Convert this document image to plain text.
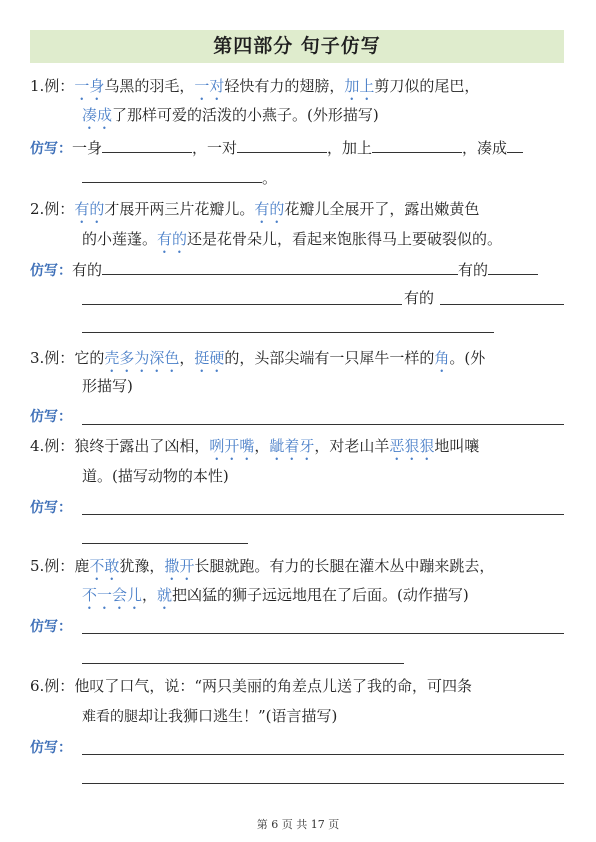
第四部分 句子仿写
1.例：一身乌黑的羽毛，一对轻快有力的翅膀，加上剪刀似的尾巴，
凑成了那样可爱的活泼的小燕子。(外形描写)
仿写：一身	，一对	，加上	，凑成
。
2.例：有的才展开两三片花瓣儿。有的花瓣儿全展开了，露出嫩黄色
的小莲蓬。有的还是花骨朵儿，看起来饱胀得马上要破裂似的。
仿写：有的	有的
有的
3.例：它的壳多为深色，挺硬的，头部尖端有一只犀牛一样的角。(外
形描写)
仿写：
4.例：狼终于露出了凶相，咧开嘴，龇着牙，对老山羊恶狠狠地叫嚷
道。(描写动物的本性)
仿写：
5.例：鹿不敢犹豫，撒开长腿就跑。有力的长腿在灌木丛中蹦来跳去，
不一会儿，就把凶猛的狮子远远地甩在了后面。(动作描写)
仿写：
6.例：他叹了口气，说：“两只美丽的角差点儿送了我的命，可四条
难看的腿却让我狮口逃生！”(语言描写)
仿写：
第 6 页 共 17 页
